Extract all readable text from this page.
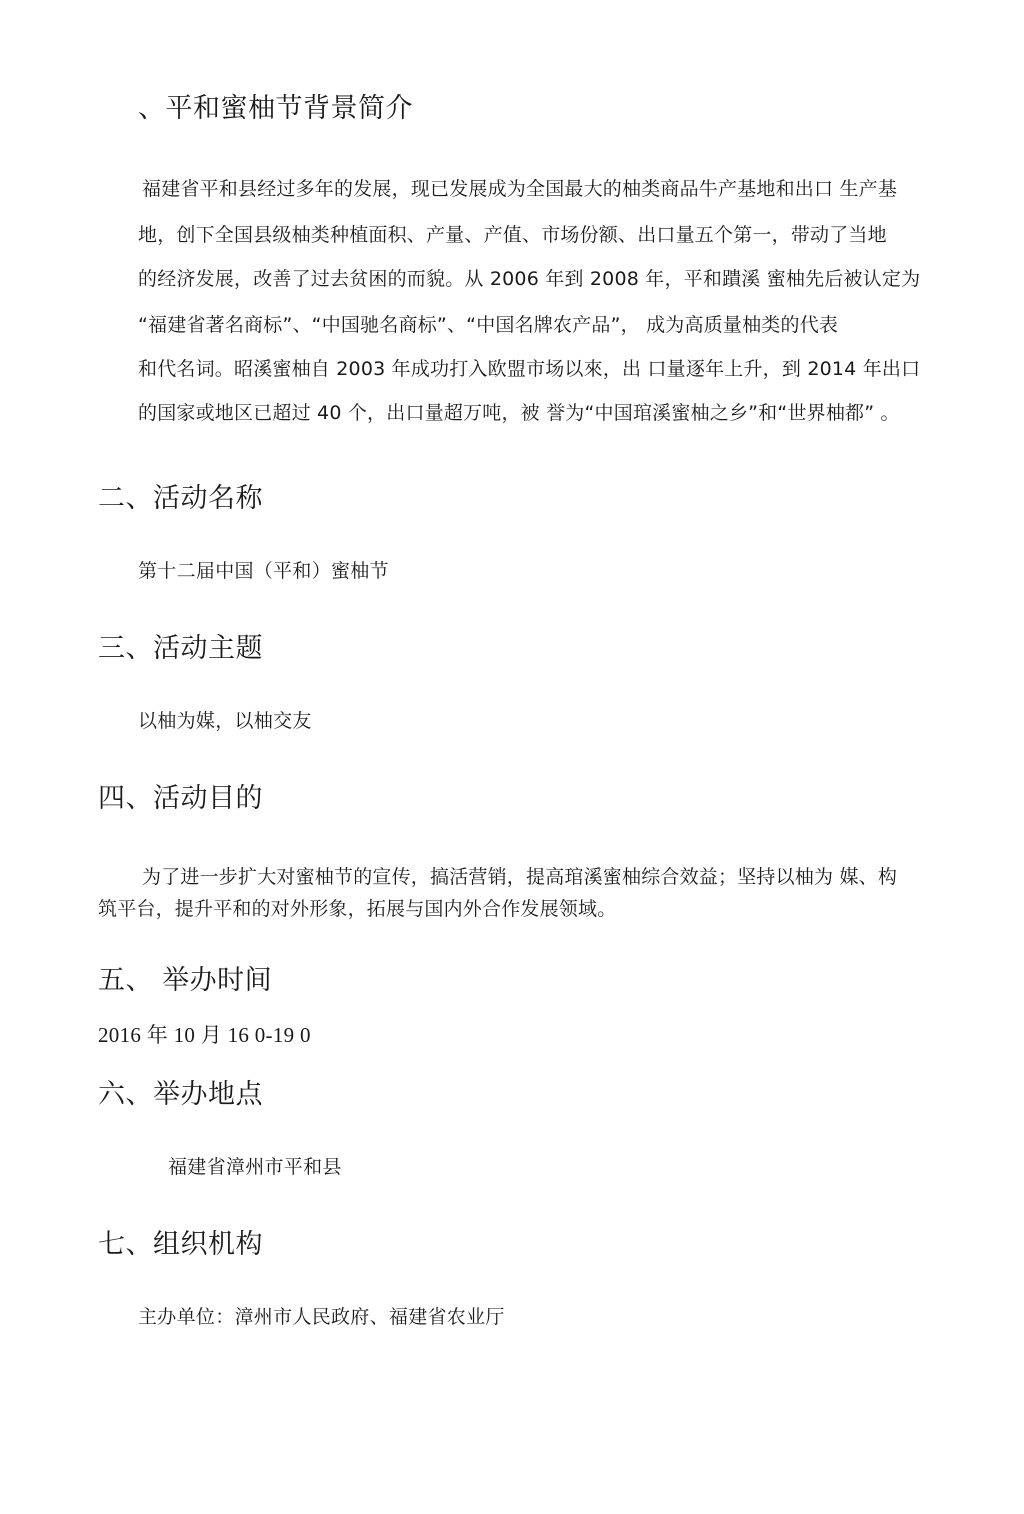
、平和蜜柚节背景简介
福建省平和县经过多年的发展，现已发展成为全国最大的柚类商品牛产基地和出口 生产基
地，创下全国县级柚类种植面积、产量、产值、市场份额、出口量五个第一，带动了当地
的经济发展，改善了过去贫困的而貌。从 2006 年到 2008 年，平和蹪溪 蜜柚先后被认定为
“福建省著名商标”、“中国驰名商标”、“中国名牌农产品”， 成为高质量柚类的代表
和代名词。昭溪蜜柚自 2003 年成功打入欧盟市场以來，出 口量逐年上升，到 2014 年出口
的国家或地区已超过 40 个，出口量超万吨，被 誉为“中国琯溪蜜柚之乡”和“世界柚都” 。
二、活动名称
第十二届中国（平和）蜜柚节
三、活动主题
以柚为媒，以柚交友
四、活动目的
为了进一步扩大对蜜柚节的宣传，搞活营销，提高琯溪蜜柚综合效益；坚持以柚为 媒、构
筑平台，提升平和的对外形象，拓展与国内外合作发展领域。
五、 举办时间
2016 年 10 月 16 0-19 0
六、举办地点
福建省漳州市平和县
七、组织机构
主办单位：漳州市人民政府、福建省农业厅
